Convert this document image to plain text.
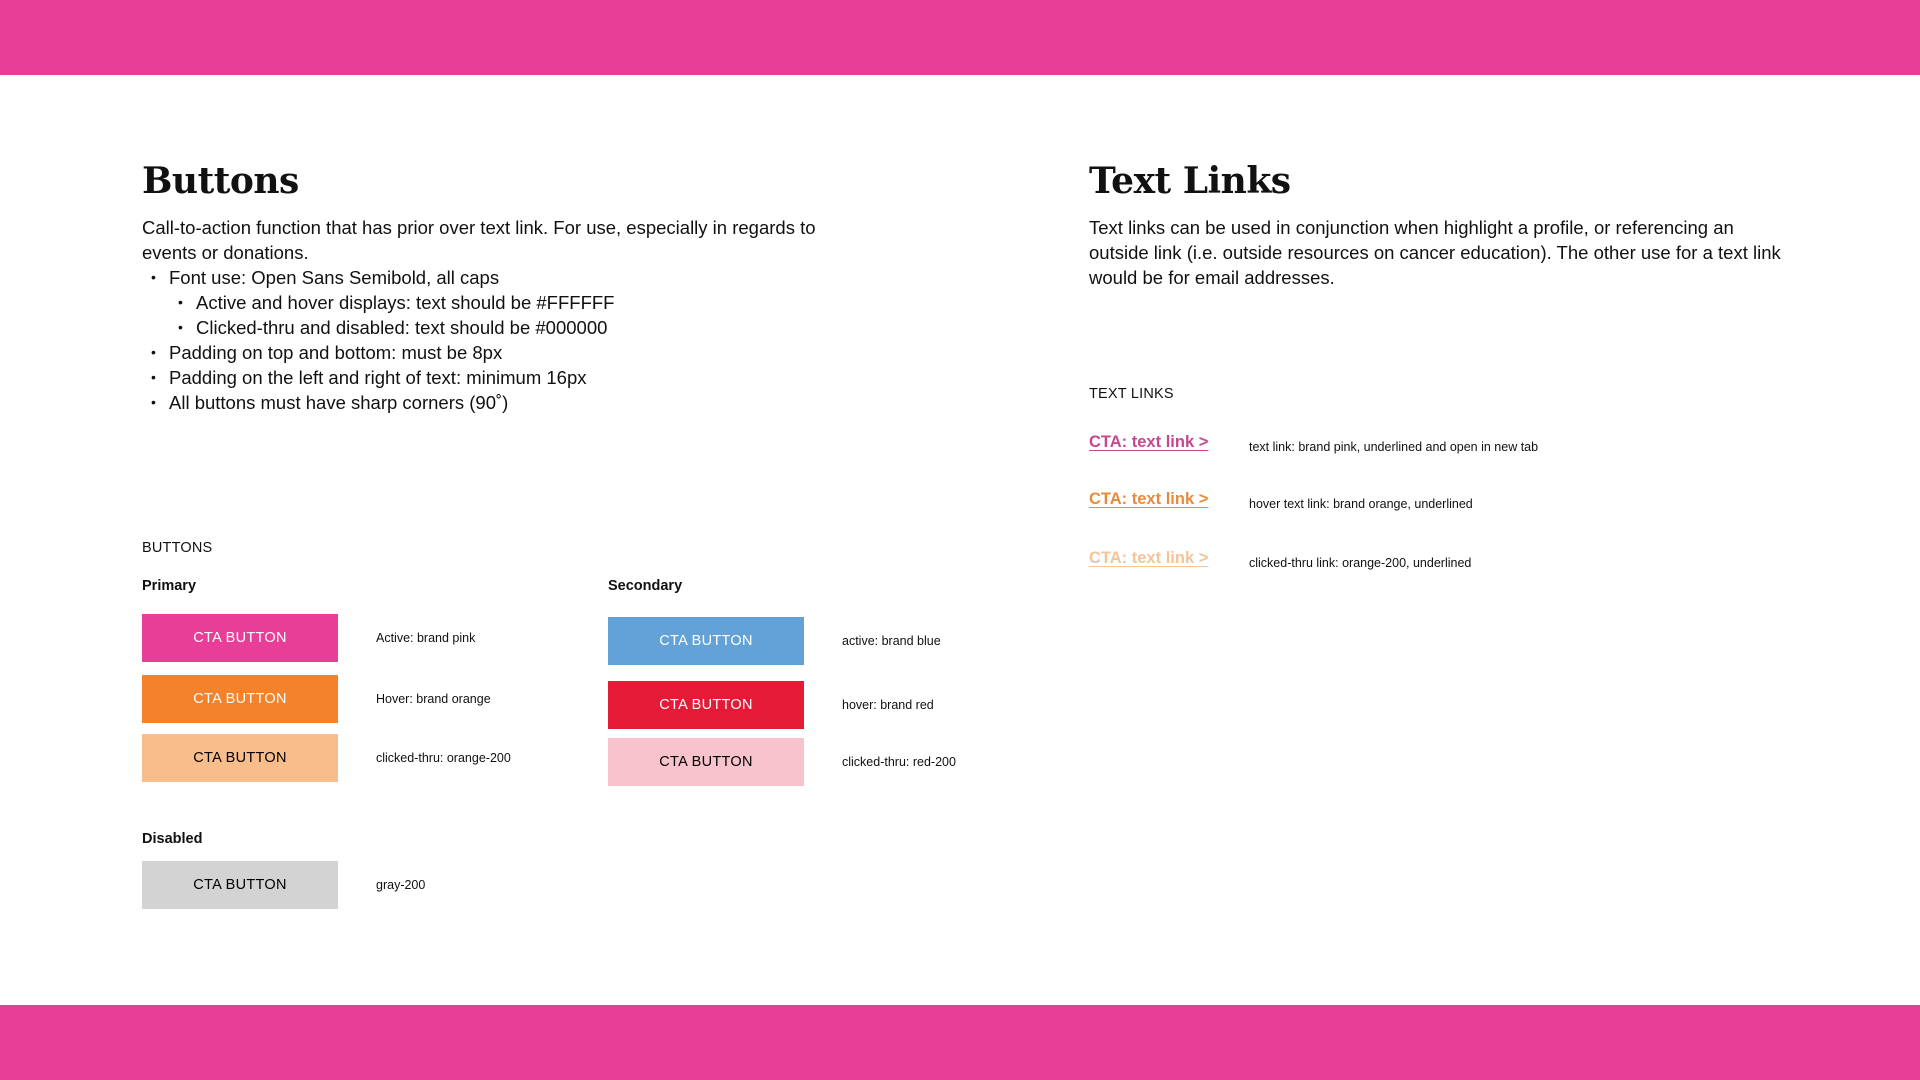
Buttons

Call-to-action function that has prior over text link. For use, especially in regards to events or donations.

• Font use: Open Sans Semibold, all caps
• Active and hover displays: text should be #FFFFFF
• Clicked-thru and disabled: text should be #000000
• Padding on top and bottom: must be 8px
• Padding on the left and right of text: minimum 16px
• All buttons must have sharp corners (90˚)
BUTTONS
Primary
CTA BUTTON	Active: brand pink
CTA BUTTON	Hover: brand orange
CTA BUTTON	clicked-thru: orange-200
Secondary
CTA BUTTON	active: brand blue
CTA BUTTON	hover: brand red
CTA BUTTON	clicked-thru: red-200
Disabled
CTA BUTTON	gray-200
Text Links

Text links can be used in conjunction when highlight a profile, or referencing an outside link (i.e. outside resources on cancer education). The other use for a text link would be for email addresses.

TEXT LINKS
CTA: text link >	text link: brand pink, underlined and open in new tab
CTA: text link >	hover text link: brand orange, underlined
CTA: text link >	clicked-thru link: orange-200, underlined
